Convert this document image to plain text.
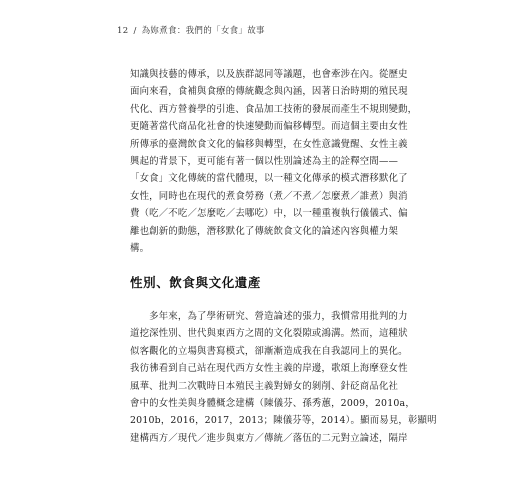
12 / 為妳煮食：我們的「女食」故事

知識與技藝的傳承，以及族群認同等議題，也會牽涉在內。從歷史
面向來看，食補與食療的傳統觀念與內涵，因著日治時期的殖民現
代化、西方營養學的引進、食品加工技術的發展而產生不規則變動，
更隨著當代商品化社會的快速變動而偏移轉型。而這個主要由女性
所傳承的臺灣飲食文化的偏移與轉型，在女性意識覺醒、女性主義
興起的背景下，更可能有著一個以性別論述為主的詮釋空間——
「女食」文化傳統的當代體現，以一種文化傳承的模式潛移默化了
女性，同時也在現代的煮食勞務（煮／不煮／怎麼煮／誰煮）與消
費（吃／不吃／怎麼吃／去哪吃）中，以一種重複執行儀儀式、偏
離也創新的動態，潛移默化了傳統飲食文化的論述內容與權力架
構。

性別、飲食與文化遺產

　　多年來，為了學術研究、營造論述的張力，我慣常用批判的力
道挖深性別、世代與東西方之間的文化裂隙或鴻溝。然而，這種狀
似客觀化的立場與書寫模式，卻漸漸造成我在自我認同上的異化。
我彷彿看到自己站在現代西方女性主義的岸邊，歌頌上海摩登女性
風華、批判二次戰時日本殖民主義對婦女的剝削、針砭商品化社
會中的女性美與身體概念建構（陳儀芬、孫秀蕙，2009，2010a，
2010b，2016，2017，2013；陳儀芬等，2014）。顯而易見，彰顯明
建構西方／現代／進步與東方／傳統／落伍的二元對立論述，隔岸
